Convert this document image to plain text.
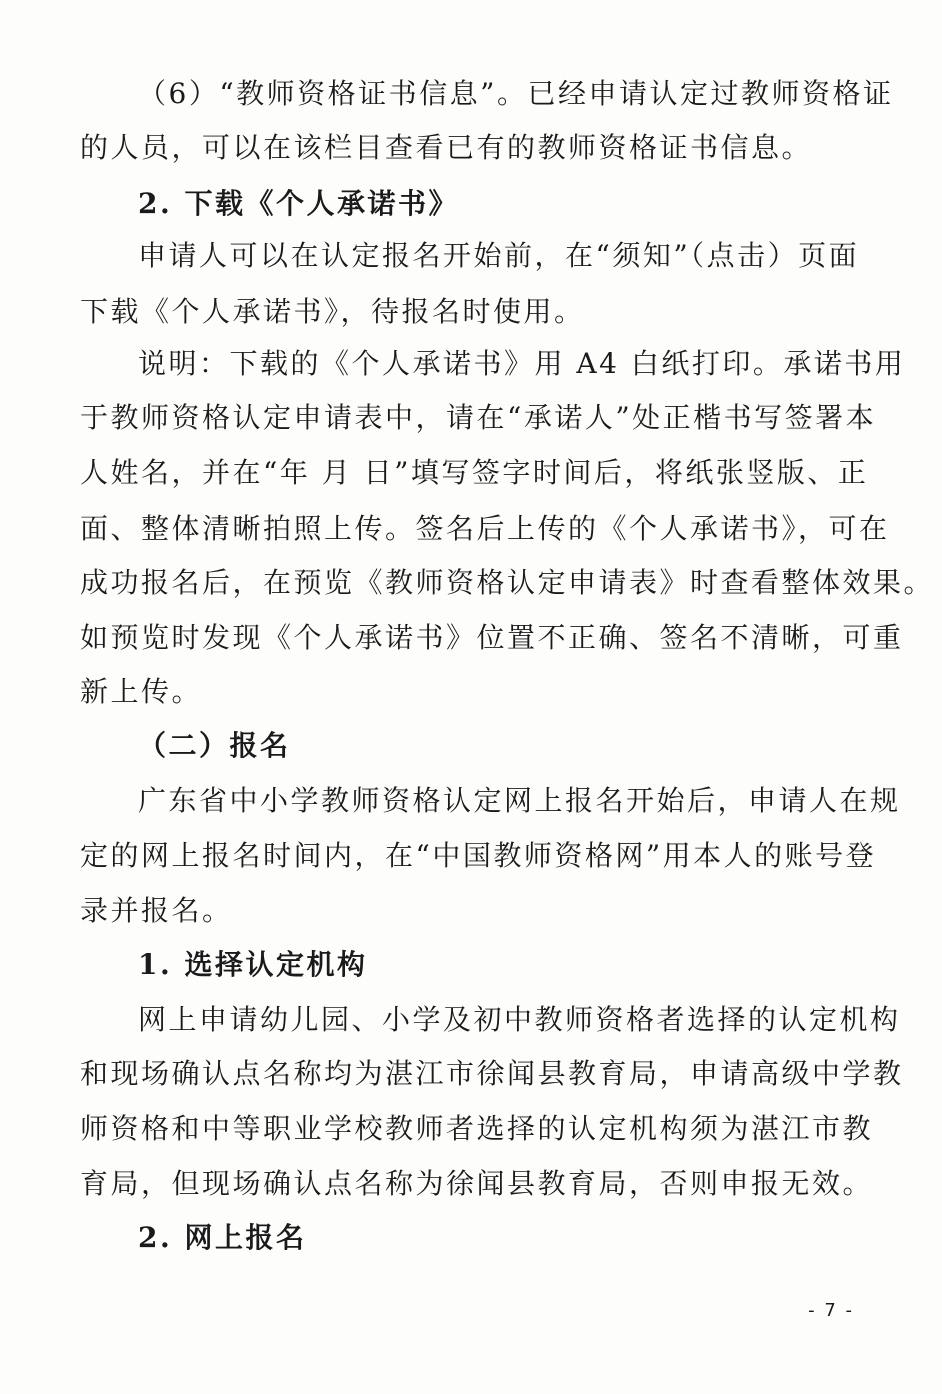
（6）“教师资格证书信息”。已经申请认定过教师资格证
的人员，可以在该栏目查看已有的教师资格证书信息。
2. 下载《个人承诺书》
申请人可以在认定报名开始前，在“须知”（点击）页面
下载《个人承诺书》，待报名时使用。
说明：下载的《个人承诺书》用 A4 白纸打印。承诺书用
于教师资格认定申请表中，请在“承诺人”处正楷书写签署本
人姓名，并在“年 月 日”填写签字时间后，将纸张竖版、正
面、整体清晰拍照上传。签名后上传的《个人承诺书》，可在
成功报名后，在预览《教师资格认定申请表》时查看整体效果。
如预览时发现《个人承诺书》位置不正确、签名不清晰，可重
新上传。
（二）报名
广东省中小学教师资格认定网上报名开始后，申请人在规
定的网上报名时间内，在“中国教师资格网”用本人的账号登
录并报名。
1. 选择认定机构
网上申请幼儿园、小学及初中教师资格者选择的认定机构
和现场确认点名称均为湛江市徐闻县教育局，申请高级中学教
师资格和中等职业学校教师者选择的认定机构须为湛江市教
育局，但现场确认点名称为徐闻县教育局，否则申报无效。
2. 网上报名
- 7 -
